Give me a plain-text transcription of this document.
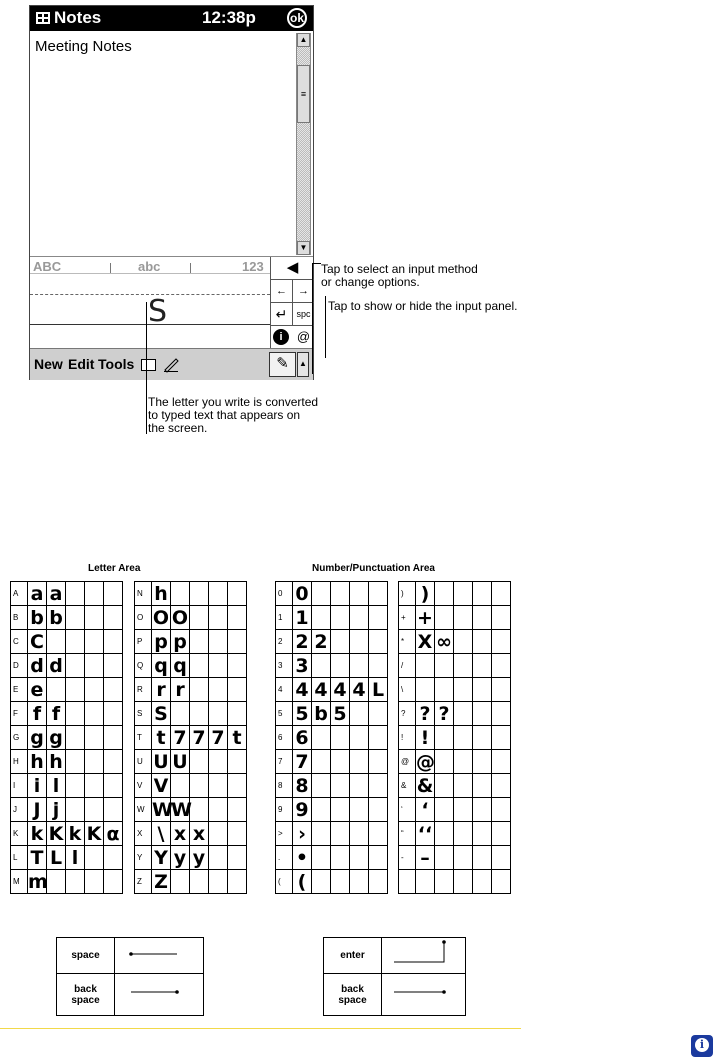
Notes	12:38p	ok
Meeting Notes	▲
≡
▼
ABC	abc	123
S
◀
←	→
↵	spc
i	@
New Edit Tools	✎	▲
Tap to select an input method
or change options.
Tap to show or hide the input panel.
The letter you write is converted
to typed text that appears on
the screen.
Letter Area	Number/Punctuation Area
A	a	a			
B	b	b			
C	C				
D	d	d			
E	e				
F	f	f			
G	g	g			
H	h	h			
I	i	l			
J	J	j			
K	k	K	k	K	α
L	T	L	l		
M	m				
N	h				
O	O	O			
P	p	p			
Q	q	q			
R	r	r			
S	S				
T	t	7	7	7	t
U	U	U			
V	V				
W	W	W			
X	\	x	x		
Y	Y	y	y		
Z	Z				
0	0				
1	1				
2	2	2			
3	3				
4	4	4	4	4	L
5	5	b	5		
6	6				
7	7				
8	8				
9	9				
>	›				
.	•				
(	(				
)	)				
+	+				
*	X	∞			
/					
\					
?	?	?			
!	!				
@	@				
&	&				
‘	‘				
“	‘‘				
-	–				

space	
back
space	
enter	
back
space	
i
